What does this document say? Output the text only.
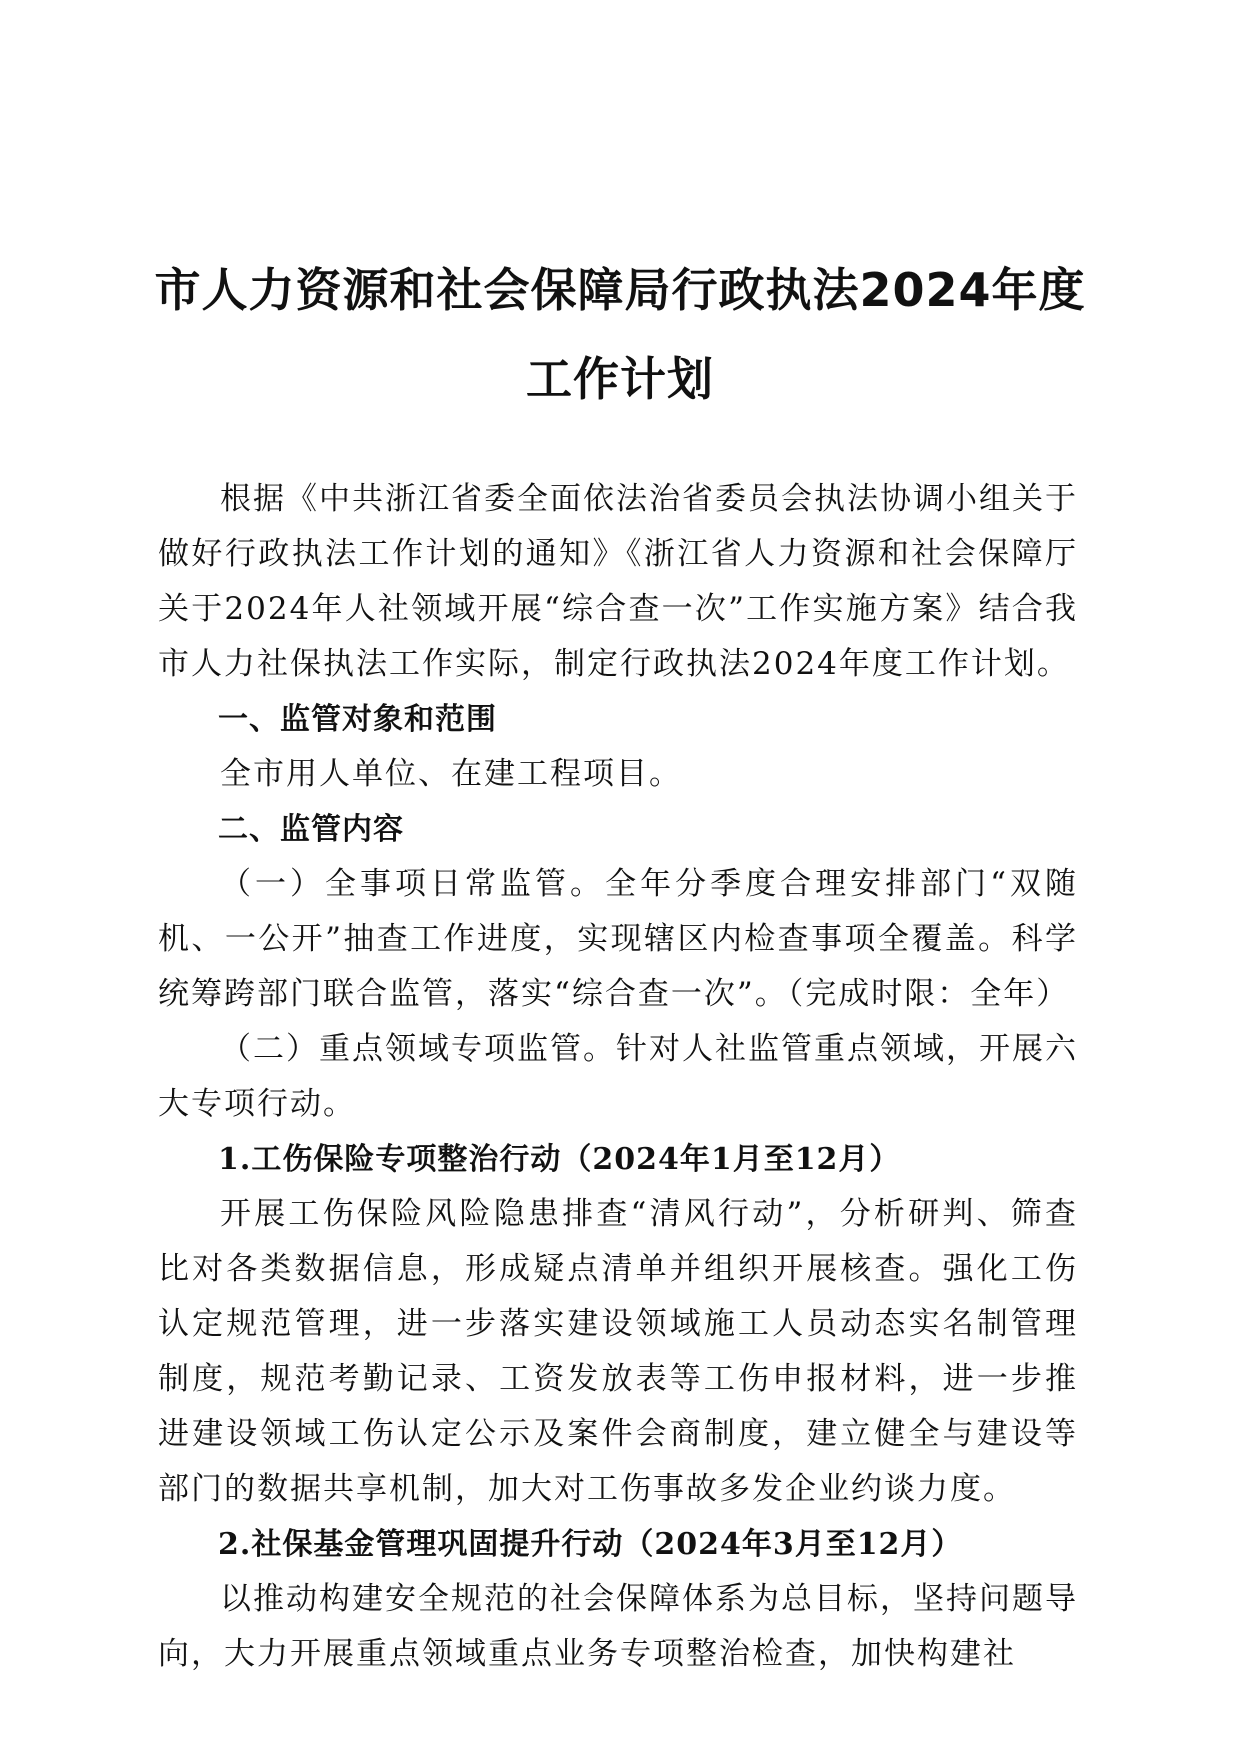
市人力资源和社会保障局行政执法2024年度
工作计划

根据《中共浙江省委全面依法治省委员会执法协调小组关于做好行政执法工作计划的通知》《浙江省人力资源和社会保障厅关于2024年人社领域开展“综合查一次”工作实施方案》结合我市人力社保执法工作实际，制定行政执法2024年度工作计划。

一、监管对象和范围

全市用人单位、在建工程项目。

二、监管内容

（一）全事项日常监管。全年分季度合理安排部门“双随机、一公开”抽查工作进度，实现辖区内检查事项全覆盖。科学统筹跨部门联合监管，落实“综合查一次”。（完成时限：全年）

（二）重点领域专项监管。针对人社监管重点领域，开展六大专项行动。

1.工伤保险专项整治行动（2024年1月至12月）

开展工伤保险风险隐患排查“清风行动”，分析研判、筛查比对各类数据信息，形成疑点清单并组织开展核查。强化工伤认定规范管理，进一步落实建设领域施工人员动态实名制管理制度，规范考勤记录、工资发放表等工伤申报材料，进一步推进建设领域工伤认定公示及案件会商制度，建立健全与建设等部门的数据共享机制，加大对工伤事故多发企业约谈力度。

2.社保基金管理巩固提升行动（2024年3月至12月）

以推动构建安全规范的社会保障体系为总目标，坚持问题导向，大力开展重点领域重点业务专项整治检查，加快构建社
